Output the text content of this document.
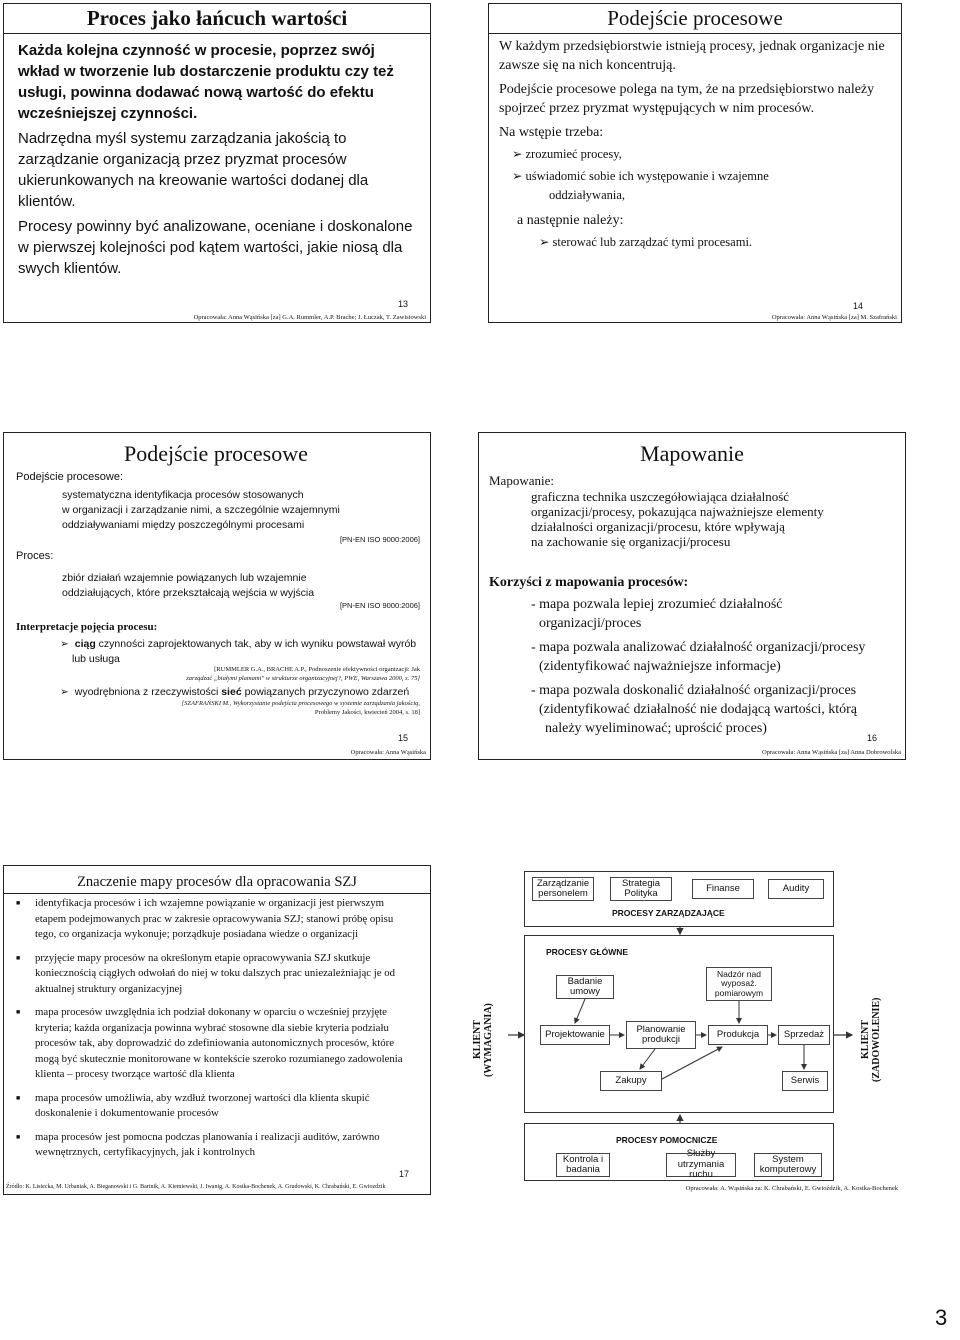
Proces jako łańcuch wartości
Każda kolejna czynność w procesie, poprzez swój wkład w tworzenie lub dostarczenie produktu czy też usługi, powinna dodawać nową wartość do efektu wcześniejszej czynności.
Nadrzędna myśl systemu zarządzania jakością to zarządzanie organizacją przez pryzmat procesów ukierunkowanych na kreowanie wartości dodanej dla klientów.
Procesy powinny być analizowane, oceniane i doskonalone w pierwszej kolejności pod kątem wartości, jakie niosą dla swych klientów.
13
Opracowała: Anna Wąsińska [za] G.A. Rummler, A.P. Brache; J. Łuczak, T. Zawistowski
Podejście procesowe
W każdym przedsiębiorstwie istnieją procesy, jednak organizacje nie zawsze się na nich koncentrują.
Podejście procesowe polega na tym, że na przedsiębiorstwo należy spojrzeć przez pryzmat występujących w nim procesów.
Na wstępie trzeba:
➢ zrozumieć procesy,
➢ uświadomić sobie ich występowanie i wzajemne
oddziaływania,
a następnie należy:
➢ sterować lub zarządzać tymi procesami.
14
Opracowała: Anna Wąsińska [za] M. Szafrański
Podejście procesowe
Podejście procesowe:
systematyczna identyfikacja procesów stosowanych
w organizacji i zarządzanie nimi, a szczególnie wzajemnymi
oddziaływaniami między poszczególnymi procesami
[PN-EN ISO 9000:2006]
Proces:
zbiór działań wzajemnie powiązanych lub wzajemnie
oddziałujących, które przekształcają wejścia w wyjścia
[PN-EN ISO 9000:2006]
Interpretacje pojęcia procesu:
➢ ciąg czynności zaprojektowanych tak, aby w ich wyniku powstawał wyrób
lub usługa
[RUMMLER G.A., BRACHE A.P., Podnoszenie efektywności organizacji: Jak
zarządzać „białymi plamami" w strukturze organizacyjnej?, PWE, Warszawa 2000, s. 75]
➢ wyodrębniona z rzeczywistości sieć powiązanych przyczynowo zdarzeń
[SZAFRAŃSKI M., Wykorzystanie podejścia procesowego w systemie zarządzania jakością,
Problemy Jakości, kwiecień 2004, s. 18]
15
Opracowała: Anna Wąsińska
Mapowanie
Mapowanie:
graficzna technika uszczegółowiająca działalność
organizacji/procesy, pokazująca najważniejsze elementy
działalności organizacji/procesu, które wpływają
na zachowanie się organizacji/procesu
Korzyści z mapowania procesów:
- mapa pozwala lepiej zrozumieć działalność
organizacji/proces
- mapa pozwala analizować działalność organizacji/procesy
(zidentyfikować najważniejsze informacje)
- mapa pozwala doskonalić działalność organizacji/proces
(zidentyfikować działalność nie dodającą wartości, którą
należy wyeliminować; uprościć proces)
16
Opracowała: Anna Wąsińska [za] Anna Dobrowolska
Znaczenie mapy procesów dla opracowania SZJ
■ identyfikacja procesów i ich wzajemne powiązanie w organizacji jest pierwszym etapem podejmowanych prac w zakresie opracowywania SZJ; stanowi próbę opisu tego, co organizacja wykonuje; porządkuje posiadana wiedze o organizacji
■ przyjęcie mapy procesów na określonym etapie opracowywania SZJ skutkuje koniecznością ciągłych odwołań do niej w toku dalszych prac uniezależniając je od aktualnej struktury organizacyjnej
■ mapa procesów uwzględnia ich podział dokonany w oparciu o wcześniej przyjęte kryteria; każda organizacja powinna wybrać stosowne dla siebie kryteria podziału procesów tak, aby doprowadzić do zdefiniowania autonomicznych procesów, które mogą być skutecznie monitorowane w kontekście szeroko rozumianego zadowolenia klienta – procesy tworzące wartość dla klienta
■ mapa procesów umożliwia, aby wzdłuż tworzonej wartości dla klienta skupić doskonalenie i dokumentowanie procesów
■ mapa procesów jest pomocna podczas planowania i realizacji auditów, zarówno wewnętrznych, certyfikacyjnych, jak i kontrolnych
17
Źródło: K. Lisiecka, M. Urbaniak, A. Bieganowski i G. Bartnik, A. Kiemiewski, J. Iwanig, A. Kostka-Bochenek, A. Grudowski, K. Chrabański, E. Gwiozdzik
Zarządzanie personelem
Strategia Polityka	Finanse	Audity
PROCESY ZARZĄDZAJĄCE
PROCESY GŁÓWNE
Badanie umowy
Nadzór nad wyposaż. pomiarowym
Projektowanie	Planowanie produkcji	Produkcja	Sprzedaż
Zakupy	Serwis
PROCESY POMOCNICZE
Kontrola i badania
Służby utrzymania ruchu
System komputerowy
KLIENT (WYMAGANIA)	KLIENT (ZADOWOLENIE)
Opracowała: A. Wąsińska za: K. Chrabański, E. Gwioździk, A. Kostka-Bochenek
3
